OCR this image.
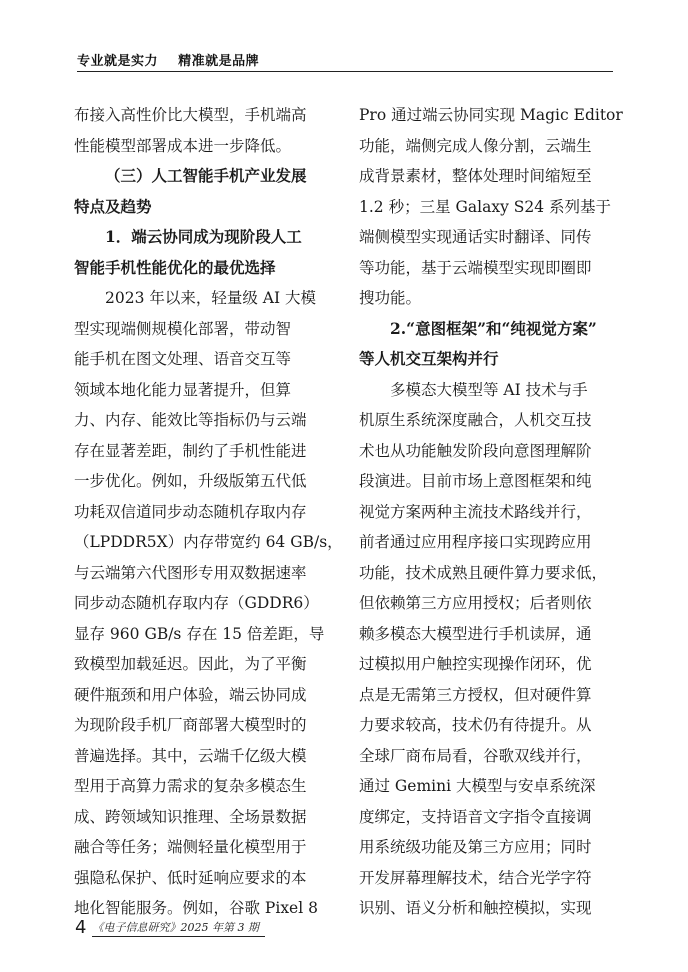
专业就是实力    精准就是品牌
布接入高性价比大模型，手机端高
性能模型部署成本进一步降低。
（三）人工智能手机产业发展
特点及趋势
1．端云协同成为现阶段人工
智能手机性能优化的最优选择
2023 年以来，轻量级 AI 大模
型实现端侧规模化部署，带动智
能手机在图文处理、语音交互等
领域本地化能力显著提升，但算
力、内存、能效比等指标仍与云端
存在显著差距，制约了手机性能进
一步优化。例如，升级版第五代低
功耗双信道同步动态随机存取内存
（LPDDR5X）内存带宽约 64 GB/s，
与云端第六代图形专用双数据速率
同步动态随机存取内存（GDDR6）
显存 960 GB/s 存在 15 倍差距，导
致模型加载延迟。因此，为了平衡
硬件瓶颈和用户体验，端云协同成
为现阶段手机厂商部署大模型时的
普遍选择。其中，云端千亿级大模
型用于高算力需求的复杂多模态生
成、跨领域知识推理、全场景数据
融合等任务；端侧轻量化模型用于
强隐私保护、低时延响应要求的本
地化智能服务。例如，谷歌 Pixel 8
Pro 通过端云协同实现 Magic Editor
功能，端侧完成人像分割，云端生
成背景素材，整体处理时间缩短至
1.2 秒；三星 Galaxy S24 系列基于
端侧模型实现通话实时翻译、同传
等功能，基于云端模型实现即圈即
搜功能。
2.“意图框架”和“纯视觉方案”
等人机交互架构并行
多模态大模型等 AI 技术与手
机原生系统深度融合，人机交互技
术也从功能触发阶段向意图理解阶
段演进。目前市场上意图框架和纯
视觉方案两种主流技术路线并行，
前者通过应用程序接口实现跨应用
功能，技术成熟且硬件算力要求低，
但依赖第三方应用授权；后者则依
赖多模态大模型进行手机读屏，通
过模拟用户触控实现操作闭环，优
点是无需第三方授权，但对硬件算
力要求较高，技术仍有待提升。从
全球厂商布局看，谷歌双线并行，
通过 Gemini 大模型与安卓系统深
度绑定，支持语音文字指令直接调
用系统级功能及第三方应用；同时
开发屏幕理解技术，结合光学字符
识别、语义分析和触控模拟，实现
4 《电子信息研究》2025 年第 3 期
